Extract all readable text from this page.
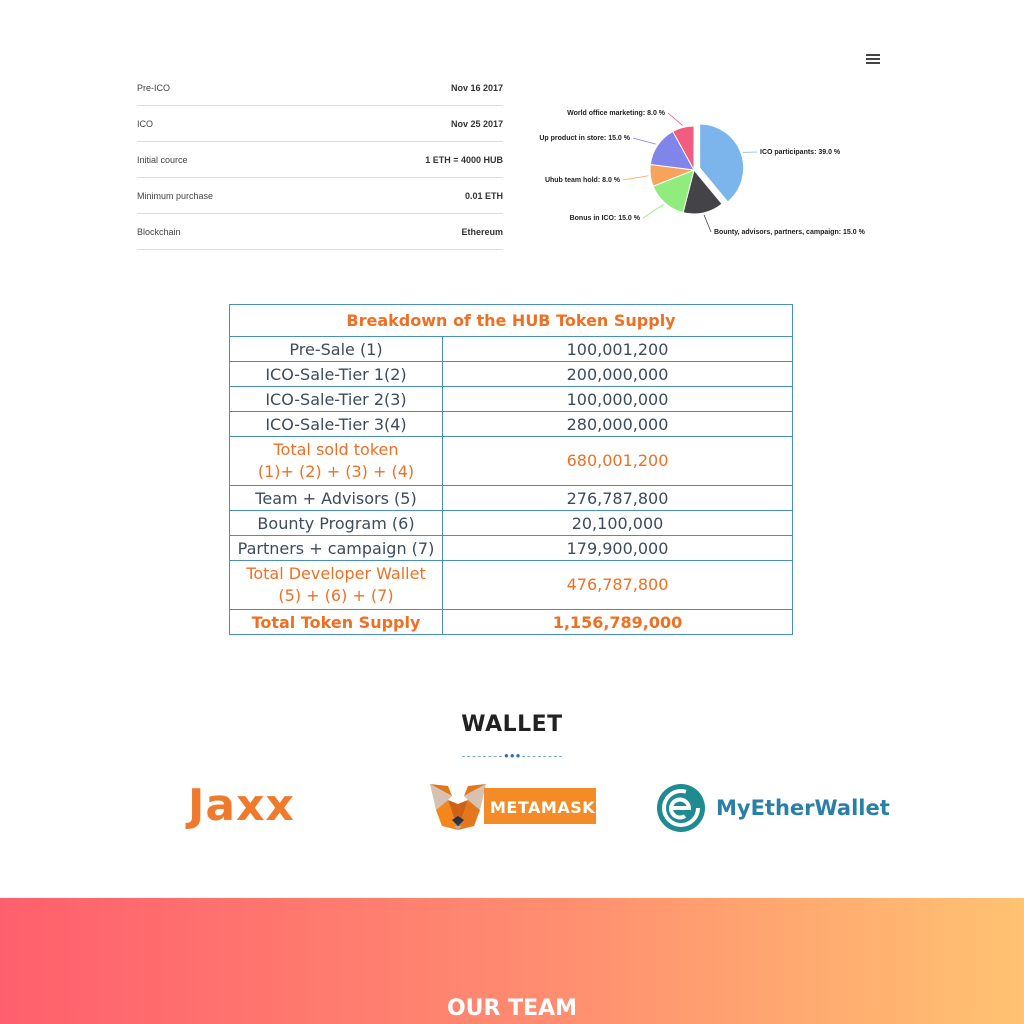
Pre-ICO	Nov 16 2017
ICO	Nov 25 2017
Initial cource	1 ETH = 4000 HUB
Minimum purchase	0.01 ETH
Blockchain	Ethereum
ICO participants: 39.0 %
Bounty, advisors, partners, campaign: 15.0 %
Bonus in ICO: 15.0 %
Uhub team hold: 8.0 %
Up product in store: 15.0 %
World office marketing: 8.0 %
Breakdown of the HUB Token Supply	
Pre-Sale (1)	100,001,200
ICO-Sale-Tier 1(2)	200,000,000
ICO-Sale-Tier 2(3)	100,000,000
ICO-Sale-Tier 3(4)	280,000,000

Total sold token
(1)+ (2) + (3) + (4)	680,001,200
Team + Advisors (5)	276,787,800
Bounty Program (6)	20,100,000
Partners + campaign (7)	179,900,000

Total Developer Wallet
(5) + (6) + (7)	476,787,800
Total Token Supply	1,156,789,000
WALLET
●●●
Jaxx	METAMASK	MyEtherWallet
OUR TEAM
